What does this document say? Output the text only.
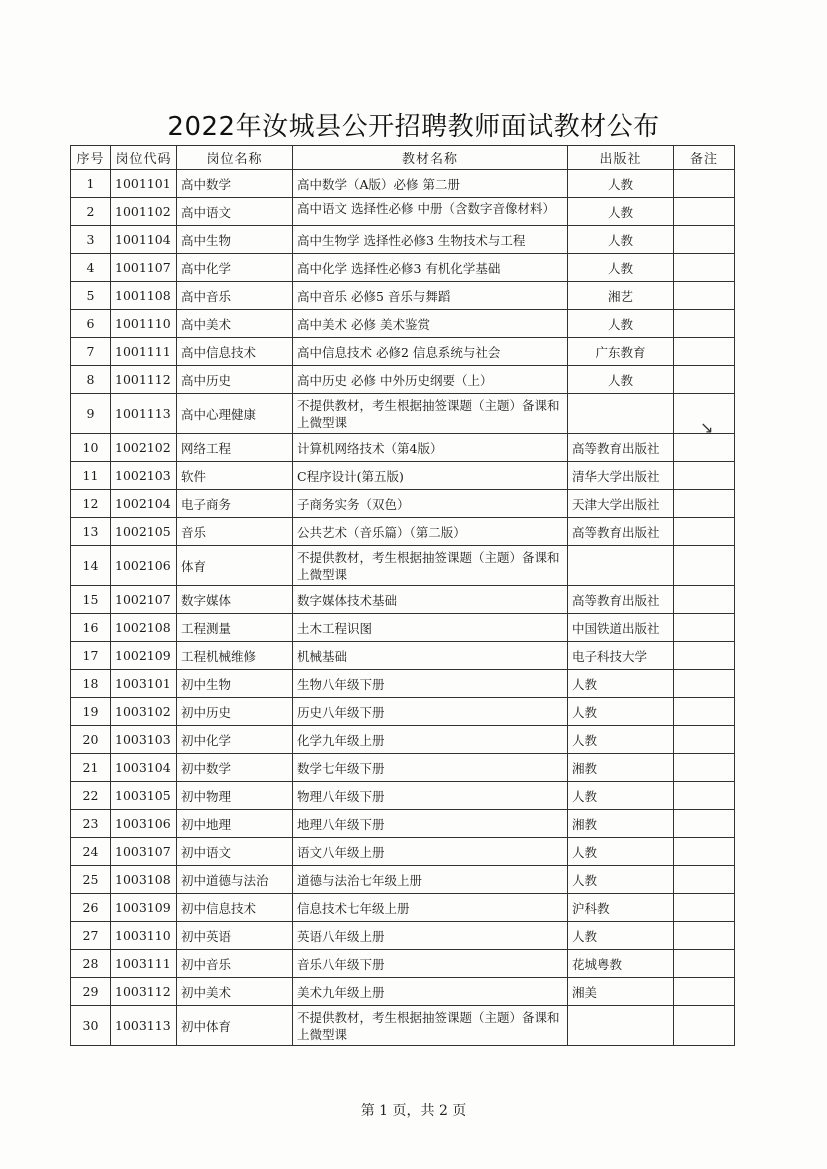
2022年汝城县公开招聘教师面试教材公布
序号	岗位代码	岗位名称	教材名称	出版社	备注
1	1001101	高中数学	高中数学（A版）必修 第二册	人教	
2	1001102	高中语文	高中语文 选择性必修 中册（含数字音像材料）	人教	
3	1001104	高中生物	高中生物学 选择性必修3 生物技术与工程	人教	
4	1001107	高中化学	高中化学 选择性必修3 有机化学基础	人教	
5	1001108	高中音乐	高中音乐 必修5 音乐与舞蹈	湘艺	
6	1001110	高中美术	高中美术 必修 美术鉴赏	人教	
7	1001111	高中信息技术	高中信息技术 必修2 信息系统与社会	广东教育	
8	1001112	高中历史	高中历史 必修 中外历史纲要（上）	人教	
9	1001113	高中心理健康	不提供教材，考生根据抽签课题（主题）备课和上微型课		
10	1002102	网络工程	计算机网络技术（第4版）	高等教育出版社	
11	1002103	软件	C程序设计(第五版)	清华大学出版社	
12	1002104	电子商务	子商务实务（双色）	天津大学出版社	
13	1002105	音乐	公共艺术（音乐篇）（第二版）	高等教育出版社	
14	1002106	体育	不提供教材，考生根据抽签课题（主题）备课和上微型课		
15	1002107	数字媒体	数字媒体技术基础	高等教育出版社	
16	1002108	工程测量	土木工程识图	中国铁道出版社	
17	1002109	工程机械维修	机械基础	电子科技大学	
18	1003101	初中生物	生物八年级下册	人教	
19	1003102	初中历史	历史八年级下册	人教	
20	1003103	初中化学	化学九年级上册	人教	
21	1003104	初中数学	数学七年级下册	湘教	
22	1003105	初中物理	物理八年级下册	人教	
23	1003106	初中地理	地理八年级下册	湘教	
24	1003107	初中语文	语文八年级上册	人教	
25	1003108	初中道德与法治	道德与法治七年级上册	人教	
26	1003109	初中信息技术	信息技术七年级上册	沪科教	
27	1003110	初中英语	英语八年级上册	人教	
28	1003111	初中音乐	音乐八年级下册	花城粤教	
29	1003112	初中美术	美术九年级上册	湘美	
30	1003113	初中体育	不提供教材，考生根据抽签课题（主题）备课和上微型课		
↘
第 1 页，共 2 页
